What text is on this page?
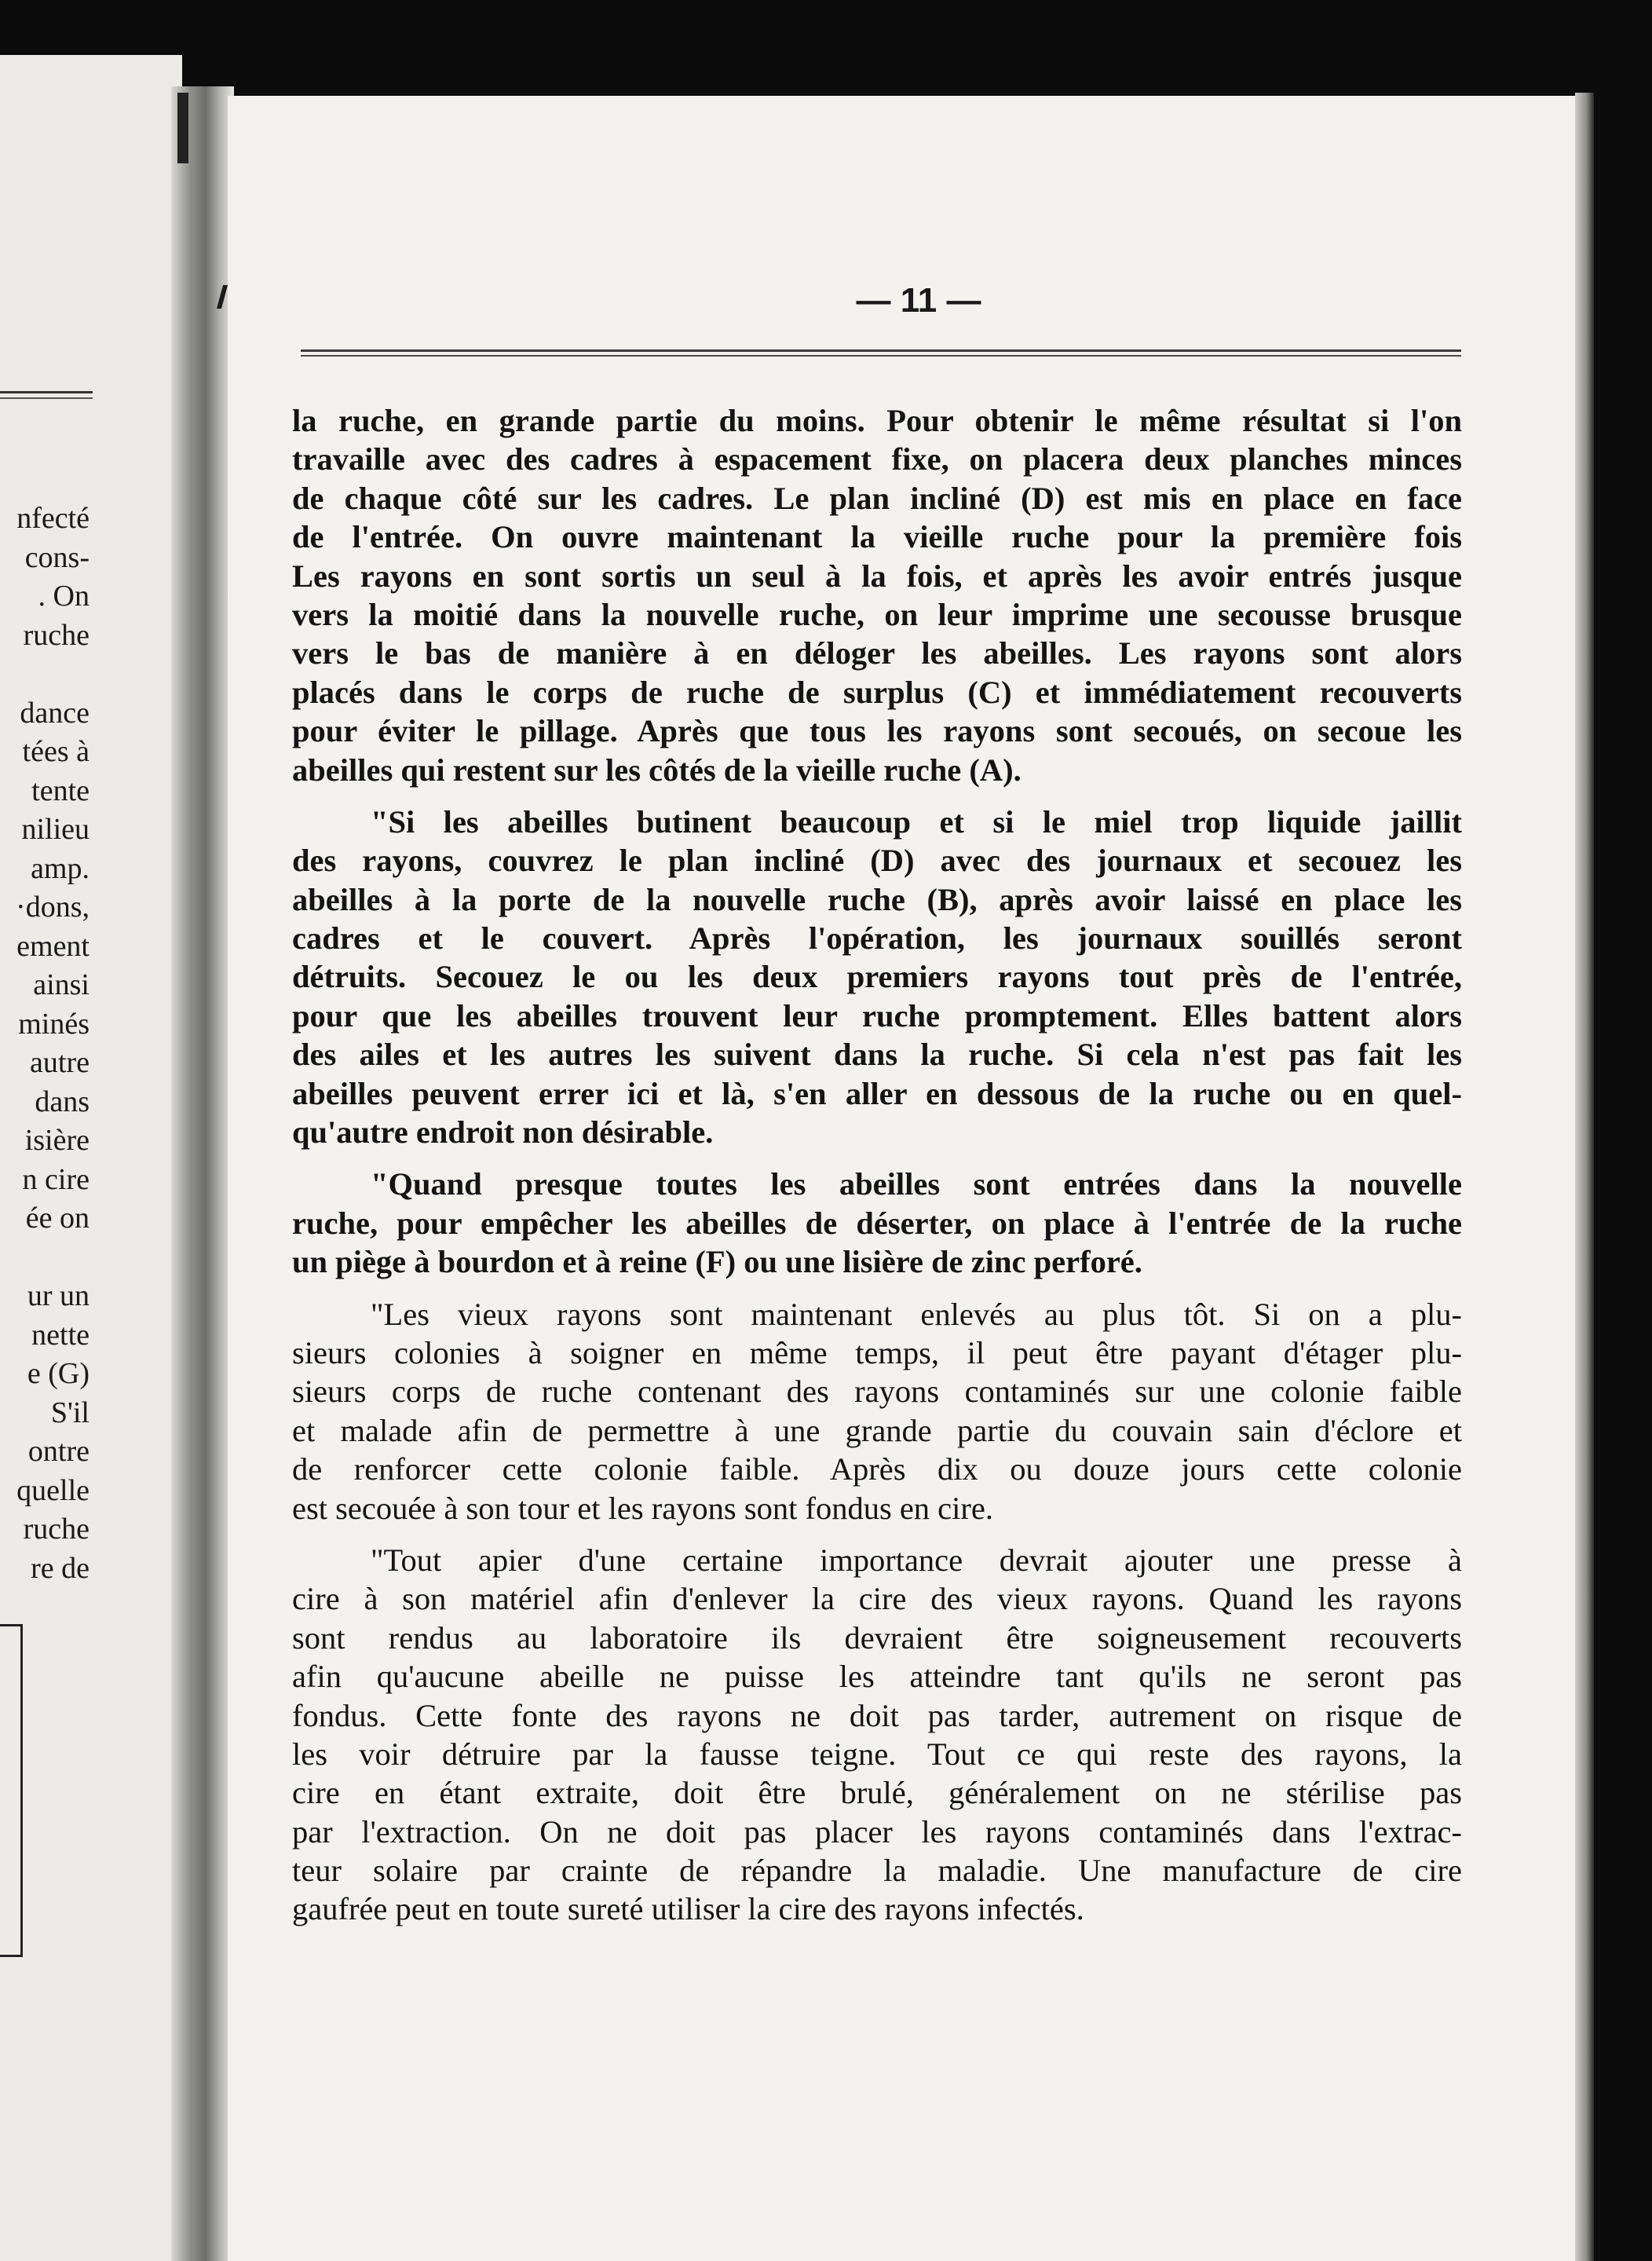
nfecté
cons-
. On
ruche
dance
tées à
tente
nilieu
amp.
·dons,
ement
ainsi
minés
autre
dans
isière
n cire
ée on
ur un
nette
e (G)
S'il
ontre
quelle
ruche
re de
— 11 —
la ruche, en grande partie du moins. Pour obtenir le même résultat si l'on
travaille avec des cadres à espacement fixe, on placera deux planches minces
de chaque côté sur les cadres. Le plan incliné (D) est mis en place en face
de l'entrée. On ouvre maintenant la vieille ruche pour la première fois
Les rayons en sont sortis un seul à la fois, et après les avoir entrés jusque
vers la moitié dans la nouvelle ruche, on leur imprime une secousse brusque
vers le bas de manière à en déloger les abeilles. Les rayons sont alors
placés dans le corps de ruche de surplus (C) et immédiatement recouverts
pour éviter le pillage. Après que tous les rayons sont secoués, on secoue les
abeilles qui restent sur les côtés de la vieille ruche (A).
"Si les abeilles butinent beaucoup et si le miel trop liquide jaillit
des rayons, couvrez le plan incliné (D) avec des journaux et secouez les
abeilles à la porte de la nouvelle ruche (B), après avoir laissé en place les
cadres et le couvert. Après l'opération, les journaux souillés seront
détruits. Secouez le ou les deux premiers rayons tout près de l'entrée,
pour que les abeilles trouvent leur ruche promptement. Elles battent alors
des ailes et les autres les suivent dans la ruche. Si cela n'est pas fait les
abeilles peuvent errer ici et là, s'en aller en dessous de la ruche ou en quel-
qu'autre endroit non désirable.
"Quand presque toutes les abeilles sont entrées dans la nouvelle
ruche, pour empêcher les abeilles de déserter, on place à l'entrée de la ruche
un piège à bourdon et à reine (F) ou une lisière de zinc perforé.
"Les vieux rayons sont maintenant enlevés au plus tôt. Si on a plu-
sieurs colonies à soigner en même temps, il peut être payant d'étager plu-
sieurs corps de ruche contenant des rayons contaminés sur une colonie faible
et malade afin de permettre à une grande partie du couvain sain d'éclore et
de renforcer cette colonie faible. Après dix ou douze jours cette colonie
est secouée à son tour et les rayons sont fondus en cire.
"Tout apier d'une certaine importance devrait ajouter une presse à
cire à son matériel afin d'enlever la cire des vieux rayons. Quand les rayons
sont rendus au laboratoire ils devraient être soigneusement recouverts
afin qu'aucune abeille ne puisse les atteindre tant qu'ils ne seront pas
fondus. Cette fonte des rayons ne doit pas tarder, autrement on risque de
les voir détruire par la fausse teigne. Tout ce qui reste des rayons, la
cire en étant extraite, doit être brulé, généralement on ne stérilise pas
par l'extraction. On ne doit pas placer les rayons contaminés dans l'extrac-
teur solaire par crainte de répandre la maladie. Une manufacture de cire
gaufrée peut en toute sureté utiliser la cire des rayons infectés.
